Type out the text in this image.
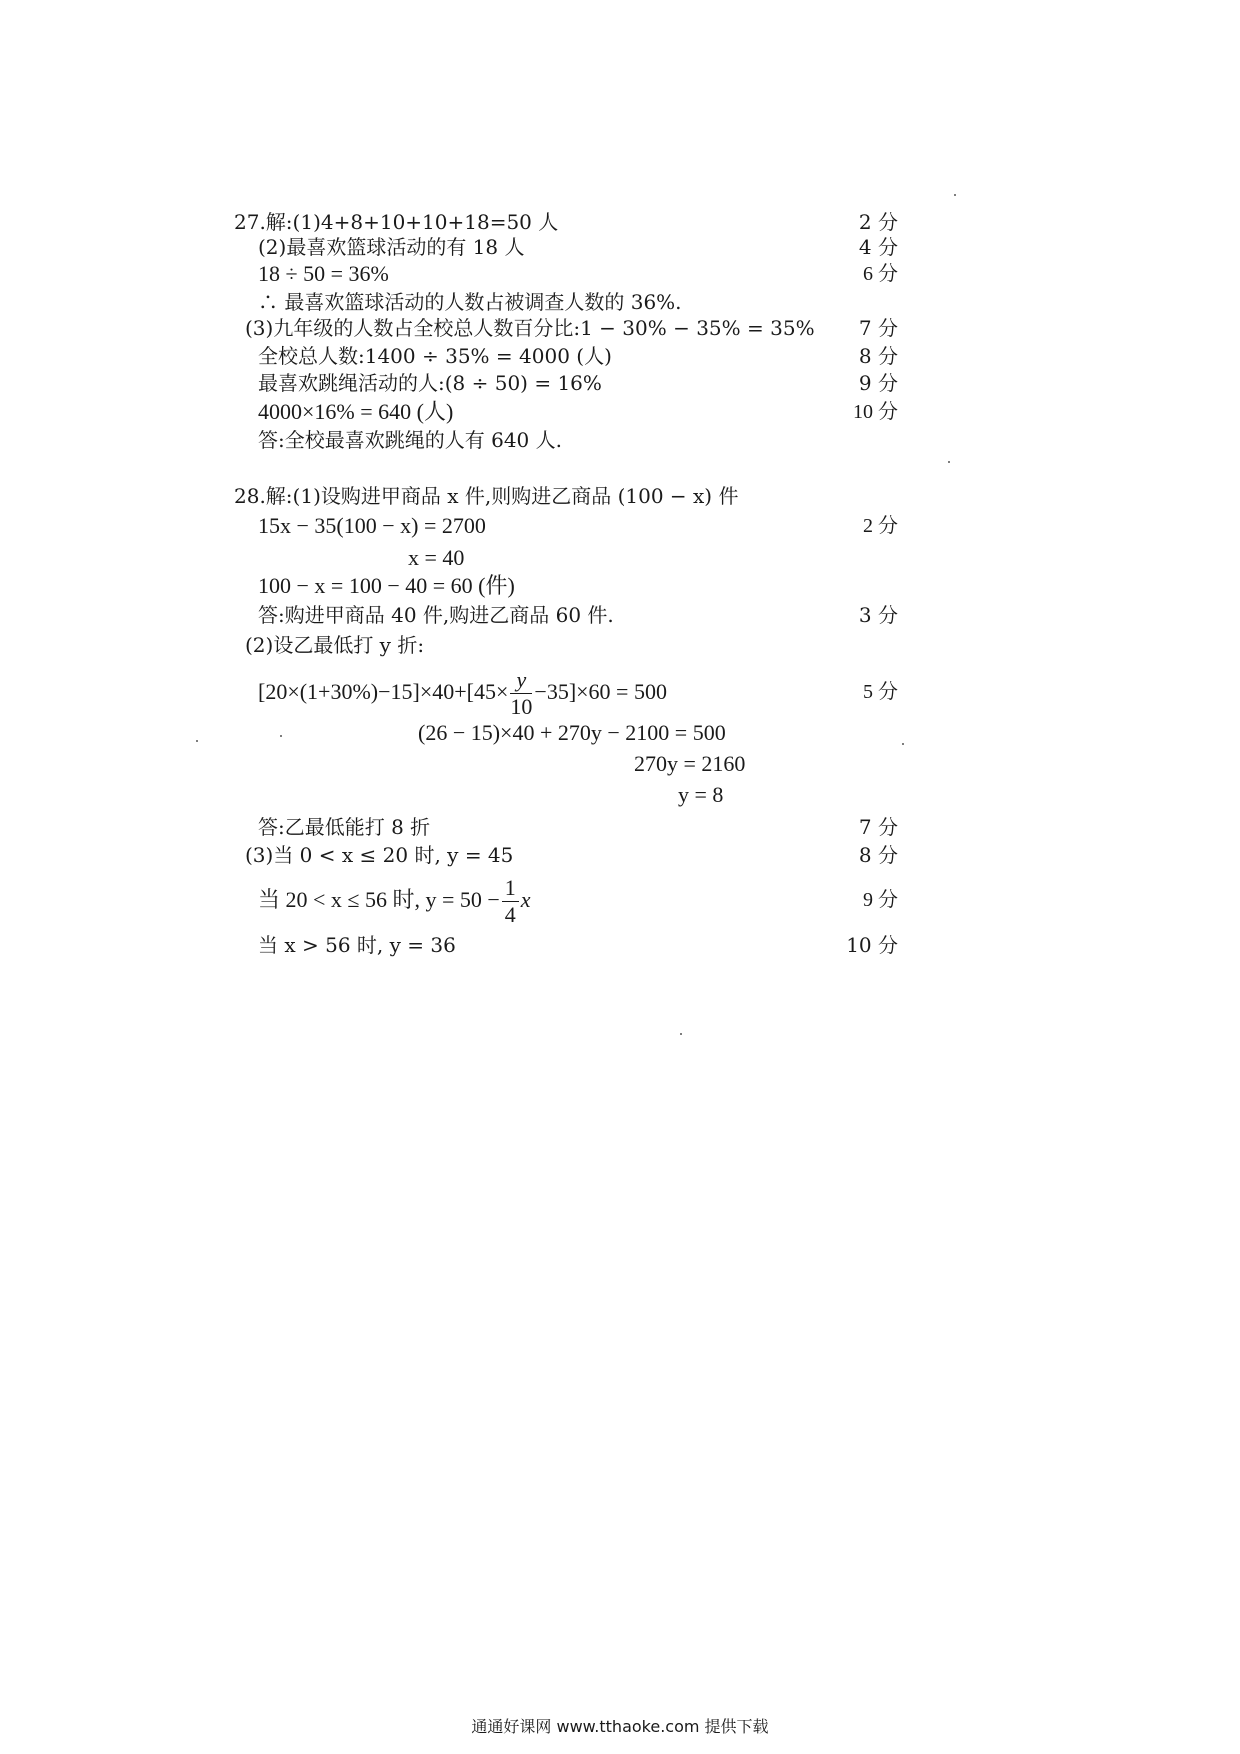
27.解:(1)4+8+10+10+18=50 人	2 分
(2)最喜欢篮球活动的有 18 人	4 分
18 ÷ 50 = 36%	6 分
∴ 最喜欢篮球活动的人数占被调查人数的 36%.
(3)九年级的人数占全校总人数百分比:1 − 30% − 35% = 35%	7 分
全校总人数:1400 ÷ 35% = 4000 (人)	8 分
最喜欢跳绳活动的人:(8 ÷ 50) = 16%	9 分
4000×16% = 640 (人)	10 分
答:全校最喜欢跳绳的人有 640 人.
28.解:(1)设购进甲商品 x 件,则购进乙商品 (100 − x) 件
15x − 35(100 − x) = 2700	2 分
x = 40
100 − x = 100 − 40 = 60 (件)
答:购进甲商品 40 件,购进乙商品 60 件.	3 分
(2)设乙最低打 y 折:
$[20\times(1+30\%)-15]\times 40+[45\times \frac{y}{10} -35]\times 60 = 500$	5 分
(26 − 15)×40 + 270y − 2100 = 500
270y = 2160
y = 8
答:乙最低能打 8 折	7 分
(3)当 0 < x ≤ 20 时, y = 45	8 分
当 20 < x ≤ 56 时, $y = 50 - \frac{1}{4}$ x	9 分
当 x > 56 时, y = 36	10 分
通通好课网 www.tthaoke.com 提供下载
